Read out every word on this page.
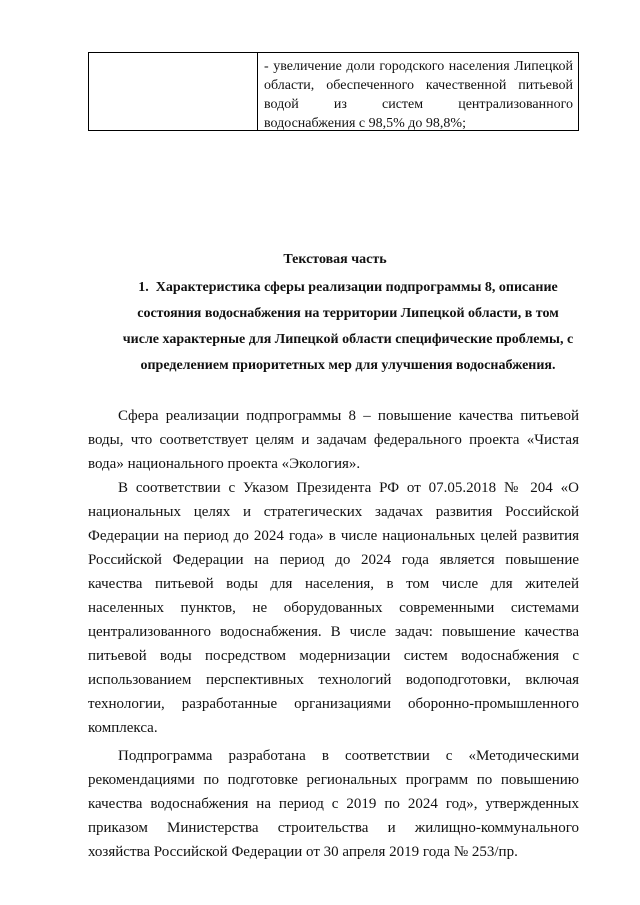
- увеличение доли городского населения Липецкой области, обеспеченного качественной питьевой водой из систем централизованного водоснабжения с 98,5% до 98,8%;
Текстовая часть
1. Характеристика сферы реализации подпрограммы 8, описание состояния водоснабжения на территории Липецкой области, в том числе характерные для Липецкой области специфические проблемы, с определением приоритетных мер для улучшения водоснабжения.
Сфера реализации подпрограммы 8 – повышение качества питьевой воды, что соответствует целям и задачам федерального проекта «Чистая вода» национального проекта «Экология».
В соответствии с Указом Президента РФ от 07.05.2018 № 204 «О национальных целях и стратегических задачах развития Российской Федерации на период до 2024 года» в числе национальных целей развития Российской Федерации на период до 2024 года является повышение качества питьевой воды для населения, в том числе для жителей населенных пунктов, не оборудованных современными системами централизованного водоснабжения. В числе задач: повышение качества питьевой воды посредством модернизации систем водоснабжения с использованием перспективных технологий водоподготовки, включая технологии, разработанные организациями оборонно-промышленного комплекса.
Подпрограмма разработана в соответствии с «Методическими рекомендациями по подготовке региональных программ по повышению качества водоснабжения на период с 2019 по 2024 год», утвержденных приказом Министерства строительства и жилищно-коммунального хозяйства Российской Федерации от 30 апреля 2019 года № 253/пр.
